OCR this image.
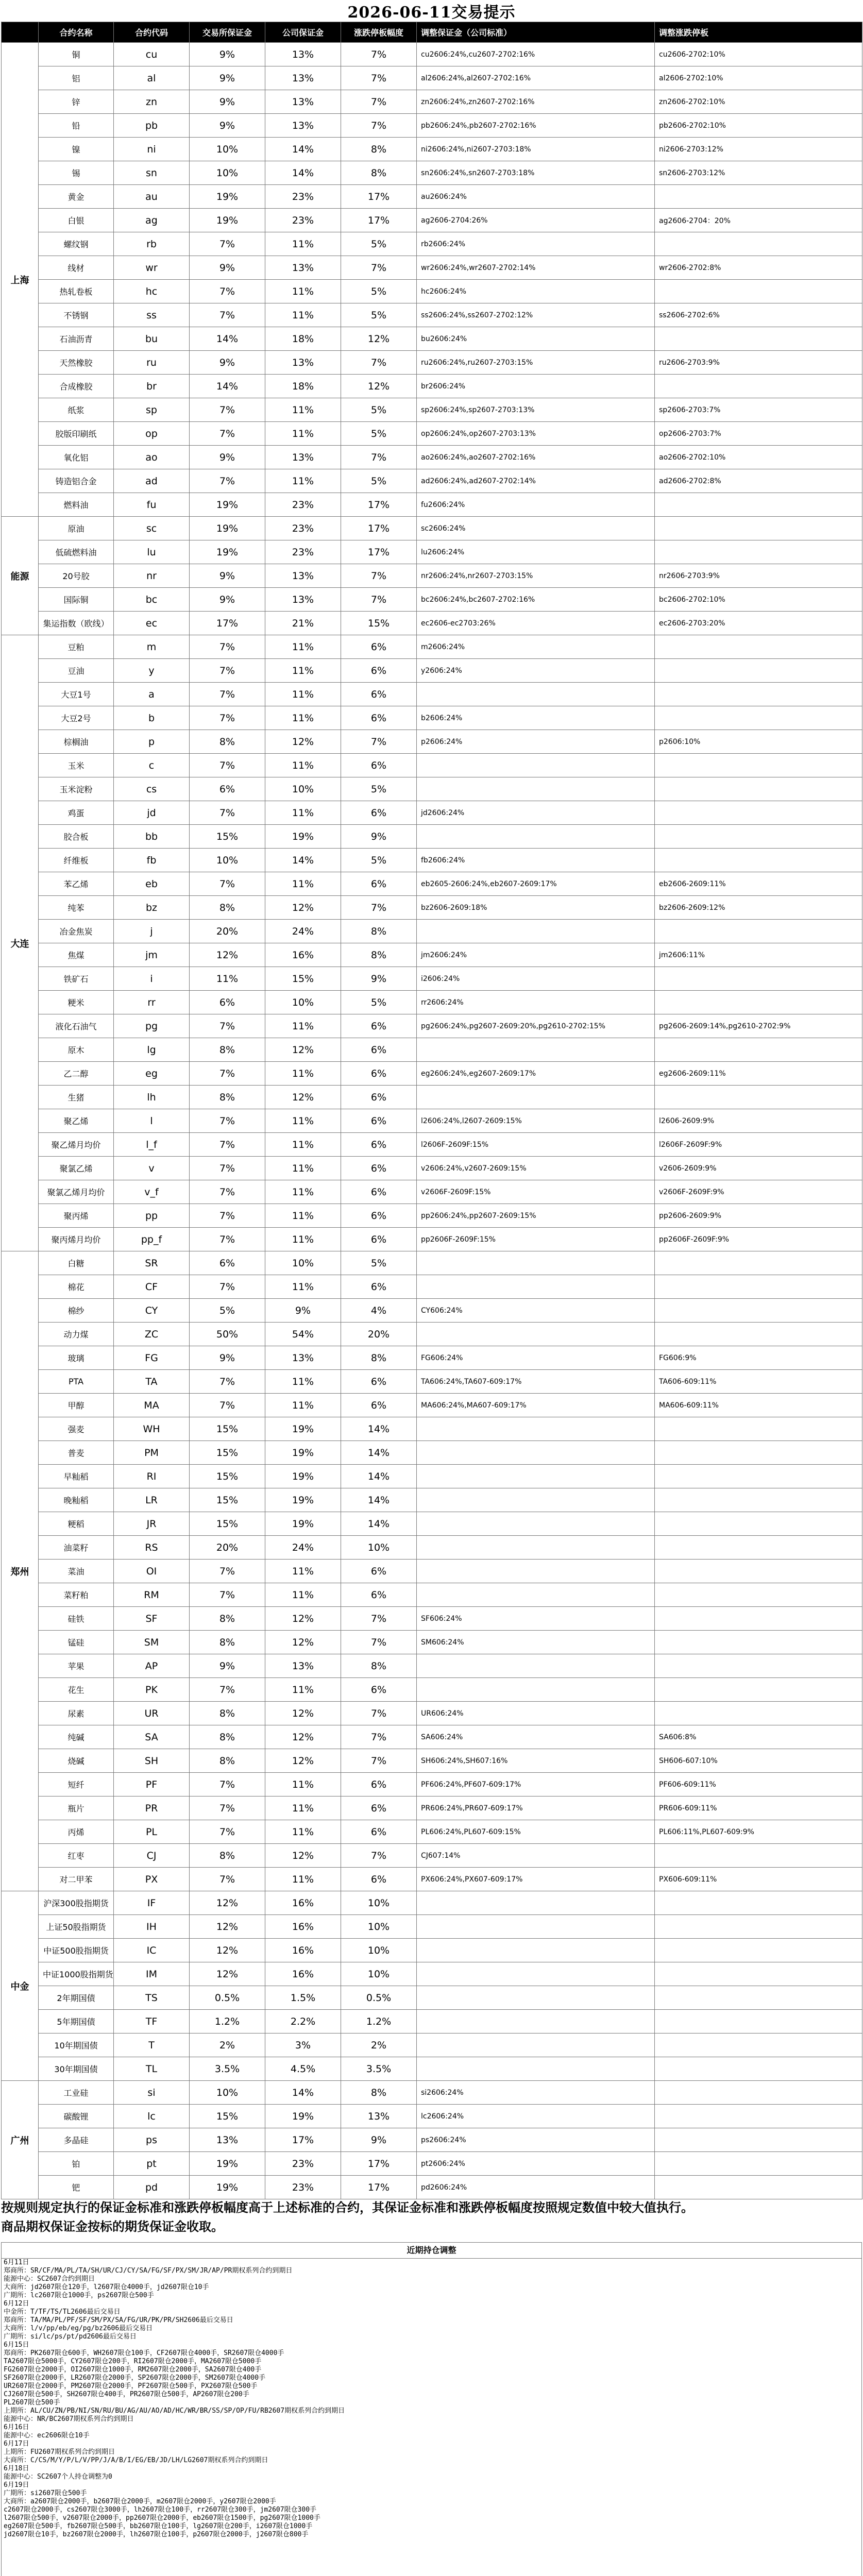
2026-06-11交易提示
	合约名称	合约代码	交易所保证金	公司保证金	涨跌停板幅度	调整保证金（公司标准）	调整涨跌停板
上海	铜	cu	9%	13%	7%	cu2606:24%,cu2607-2702:16%	cu2606-2702:10%
	铝	al	9%	13%	7%	al2606:24%,al2607-2702:16%	al2606-2702:10%
	锌	zn	9%	13%	7%	zn2606:24%,zn2607-2702:16%	zn2606-2702:10%
	铅	pb	9%	13%	7%	pb2606:24%,pb2607-2702:16%	pb2606-2702:10%
	镍	ni	10%	14%	8%	ni2606:24%,ni2607-2703:18%	ni2606-2703:12%
	锡	sn	10%	14%	8%	sn2606:24%,sn2607-2703:18%	sn2606-2703:12%
	黄金	au	19%	23%	17%	au2606:24%	
	白银	ag	19%	23%	17%	ag2606-2704:26%	ag2606-2704：20%
	螺纹钢	rb	7%	11%	5%	rb2606:24%	
	线材	wr	9%	13%	7%	wr2606:24%,wr2607-2702:14%	wr2606-2702:8%
	热轧卷板	hc	7%	11%	5%	hc2606:24%	
	不锈钢	ss	7%	11%	5%	ss2606:24%,ss2607-2702:12%	ss2606-2702:6%
	石油沥青	bu	14%	18%	12%	bu2606:24%	
	天然橡胶	ru	9%	13%	7%	ru2606:24%,ru2607-2703:15%	ru2606-2703:9%
	合成橡胶	br	14%	18%	12%	br2606:24%	
	纸浆	sp	7%	11%	5%	sp2606:24%,sp2607-2703:13%	sp2606-2703:7%
	胶版印刷纸	op	7%	11%	5%	op2606:24%,op2607-2703:13%	op2606-2703:7%
	氧化铝	ao	9%	13%	7%	ao2606:24%,ao2607-2702:16%	ao2606-2702:10%
	铸造铝合金	ad	7%	11%	5%	ad2606:24%,ad2607-2702:14%	ad2606-2702:8%
	燃料油	fu	19%	23%	17%	fu2606:24%	
能源	原油	sc	19%	23%	17%	sc2606:24%	
	低硫燃料油	lu	19%	23%	17%	lu2606:24%	
	20号胶	nr	9%	13%	7%	nr2606:24%,nr2607-2703:15%	nr2606-2703:9%
	国际铜	bc	9%	13%	7%	bc2606:24%,bc2607-2702:16%	bc2606-2702:10%
	集运指数（欧线）	ec	17%	21%	15%	ec2606-ec2703:26%	ec2606-2703:20%
大连	豆粕	m	7%	11%	6%	m2606:24%	
	豆油	y	7%	11%	6%	y2606:24%	
	大豆1号	a	7%	11%	6%		
	大豆2号	b	7%	11%	6%	b2606:24%	
	棕榈油	p	8%	12%	7%	p2606:24%	p2606:10%
	玉米	c	7%	11%	6%		
	玉米淀粉	cs	6%	10%	5%		
	鸡蛋	jd	7%	11%	6%	jd2606:24%	
	胶合板	bb	15%	19%	9%		
	纤维板	fb	10%	14%	5%	fb2606:24%	
	苯乙烯	eb	7%	11%	6%	eb2605-2606:24%,eb2607-2609:17%	eb2606-2609:11%
	纯苯	bz	8%	12%	7%	bz2606-2609:18%	bz2606-2609:12%
	冶金焦炭	j	20%	24%	8%		
	焦煤	jm	12%	16%	8%	jm2606:24%	jm2606:11%
	铁矿石	i	11%	15%	9%	i2606:24%	
	粳米	rr	6%	10%	5%	rr2606:24%	
	液化石油气	pg	7%	11%	6%	pg2606:24%,pg2607-2609:20%,pg2610-2702:15%	pg2606-2609:14%,pg2610-2702:9%
	原木	lg	8%	12%	6%		
	乙二醇	eg	7%	11%	6%	eg2606:24%,eg2607-2609:17%	eg2606-2609:11%
	生猪	lh	8%	12%	6%		
	聚乙烯	l	7%	11%	6%	l2606:24%,l2607-2609:15%	l2606-2609:9%
	聚乙烯月均价	l_f	7%	11%	6%	l2606F-2609F:15%	l2606F-2609F:9%
	聚氯乙烯	v	7%	11%	6%	v2606:24%,v2607-2609:15%	v2606-2609:9%
	聚氯乙烯月均价	v_f	7%	11%	6%	v2606F-2609F:15%	v2606F-2609F:9%
	聚丙烯	pp	7%	11%	6%	pp2606:24%,pp2607-2609:15%	pp2606-2609:9%
	聚丙烯月均价	pp_f	7%	11%	6%	pp2606F-2609F:15%	pp2606F-2609F:9%
郑州	白糖	SR	6%	10%	5%		
	棉花	CF	7%	11%	6%		
	棉纱	CY	5%	9%	4%	CY606:24%	
	动力煤	ZC	50%	54%	20%		
	玻璃	FG	9%	13%	8%	FG606:24%	FG606:9%
	PTA	TA	7%	11%	6%	TA606:24%,TA607-609:17%	TA606-609:11%
	甲醇	MA	7%	11%	6%	MA606:24%,MA607-609:17%	MA606-609:11%
	强麦	WH	15%	19%	14%		
	普麦	PM	15%	19%	14%		
	早籼稻	RI	15%	19%	14%		
	晚籼稻	LR	15%	19%	14%		
	粳稻	JR	15%	19%	14%		
	油菜籽	RS	20%	24%	10%		
	菜油	OI	7%	11%	6%		
	菜籽粕	RM	7%	11%	6%		
	硅铁	SF	8%	12%	7%	SF606:24%	
	锰硅	SM	8%	12%	7%	SM606:24%	
	苹果	AP	9%	13%	8%		
	花生	PK	7%	11%	6%		
	尿素	UR	8%	12%	7%	UR606:24%	
	纯碱	SA	8%	12%	7%	SA606:24%	SA606:8%
	烧碱	SH	8%	12%	7%	SH606:24%,SH607:16%	SH606-607:10%
	短纤	PF	7%	11%	6%	PF606:24%,PF607-609:17%	PF606-609:11%
	瓶片	PR	7%	11%	6%	PR606:24%,PR607-609:17%	PR606-609:11%
	丙烯	PL	7%	11%	6%	PL606:24%,PL607-609:15%	PL606:11%,PL607-609:9%
	红枣	CJ	8%	12%	7%	CJ607:14%	
	对二甲苯	PX	7%	11%	6%	PX606:24%,PX607-609:17%	PX606-609:11%
中金	沪深300股指期货	IF	12%	16%	10%		
	上证50股指期货	IH	12%	16%	10%		
	中证500股指期货	IC	12%	16%	10%		
	中证1000股指期货	IM	12%	16%	10%		
	2年期国债	TS	0.5%	1.5%	0.5%		
	5年期国债	TF	1.2%	2.2%	1.2%		
	10年期国债	T	2%	3%	2%		
	30年期国债	TL	3.5%	4.5%	3.5%		
广州	工业硅	si	10%	14%	8%	si2606:24%	
	碳酸锂	lc	15%	19%	13%	lc2606:24%	
	多晶硅	ps	13%	17%	9%	ps2606:24%	
	铂	pt	19%	23%	17%	pt2606:24%	
	钯	pd	19%	23%	17%	pd2606:24%	
按规则规定执行的保证金标准和涨跌停板幅度高于上述标准的合约，其保证金标准和涨跌停板幅度按照规定数值中较大值执行。
商品期权保证金按标的期货保证金收取。
近期持仓调整
6月11日
郑商所：SR/CF/MA/PL/TA/SH/UR/CJ/CY/SA/FG/SF/PX/SM/JR/AP/PR期权系列合约到期日
能源中心：SC2607合约到期日
大商所：jd2607限仓120手，l2607限仓4000手，jd2607限仓10手
广期所：lc2607限仓1000手，ps2607限仓500手
6月12日
中金所：T/TF/TS/TL2606最后交易日
郑商所：TA/MA/PL/PF/SF/SM/PX/SA/FG/UR/PK/PR/SH2606最后交易日
大商所：l/v/pp/eb/eg/pg/bz2606最后交易日
广期所：si/lc/ps/pt/pd2606最后交易日
6月15日
郑商所：PK2607限仓600手，WH2607限仓100手，CF2607限仓4000手，SR2607限仓4000手
TA2607限仓5000手，CY2607限仓200手，RI2607限仓2000手，MA2607限仓5000手
FG2607限仓2000手，OI2607限仓1000手，RM2607限仓2000手，SA2607限仓400手
SF2607限仓2000手，LR2607限仓2000手，SP2607限仓2000手，SM2607限仓4000手
UR2607限仓2000手，PM2607限仓2000手，PF2607限仓500手，PX2607限仓500手
CJ2607限仓500手，SH2607限仓400手，PR2607限仓500手，AP2607限仓200手
PL2607限仓500手
上期所：AL/CU/ZN/PB/NI/SN/RU/BU/AG/AU/AO/AD/HC/WR/BR/SS/SP/OP/FU/RB2607期权系列合约到期日
能源中心：NR/BC2607期权系列合约到期日
6月16日
能源中心：ec2606限仓10手
6月17日
上期所：FU2607期权系列合约到期日
大商所：C/CS/M/Y/P/L/V/PP/J/A/B/I/EG/EB/JD/LH/LG2607期权系列合约到期日
6月18日
能源中心：SC2607个人持仓调整为0
6月19日
广期所：si2607限仓500手
大商所：a2607限仓2000手，b2607限仓2000手，m2607限仓2000手，y2607限仓2000手
c2607限仓2000手，cs2607限仓3000手，lh2607限仓100手，rr2607限仓300手，jm2607限仓300手
l2607限仓500手，v2607限仓2000手，pp2607限仓2000手，eb2607限仓1500手，pg2607限仓1000手
eg2607限仓500手，fb2607限仓500手，bb2607限仓100手，lg2607限仓200手，i2607限仓1000手
jd2607限仓10手，bz2607限仓2000手，lh2607限仓100手，p2607限仓2000手，j2607限仓800手
